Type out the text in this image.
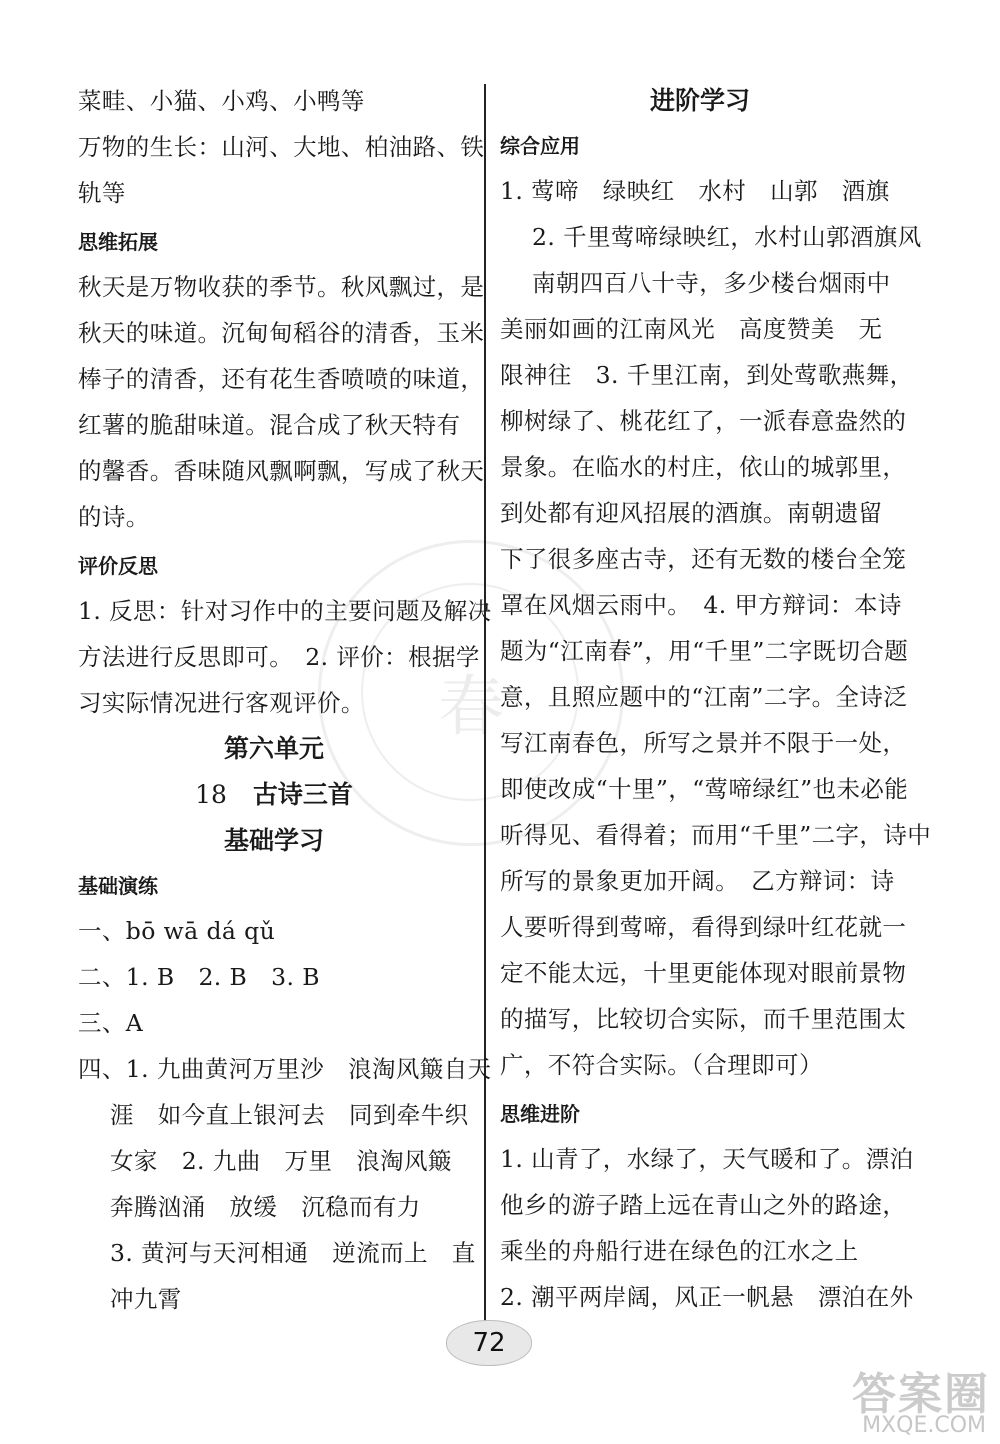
春
菜畦、小猫、小鸡、小鸭等
万物的生长：山河、大地、柏油路、铁
轨等
思维拓展
秋天是万物收获的季节。秋风飘过，是
秋天的味道。沉甸甸稻谷的清香，玉米
棒子的清香，还有花生香喷喷的味道，
红薯的脆甜味道。混合成了秋天特有
的馨香。香味随风飘啊飘，写成了秋天
的诗。
评价反思
1. 反思：针对习作中的主要问题及解决
方法进行反思即可。　2. 评价：根据学
习实际情况进行客观评价。
第六单元
18 古诗三首
基础学习
基础演练
一、bō wā dá qǔ
二、1. B　2. B　3. B
三、A
四、1. 九曲黄河万里沙　浪淘风簸自天
涯　如今直上银河去　同到牵牛织
女家　2. 九曲　万里　浪淘风簸
奔腾汹涌　放缓　沉稳而有力
3. 黄河与天河相通　逆流而上　直
冲九霄
进阶学习
综合应用
1. 莺啼　绿映红　水村　山郭　酒旗
2. 千里莺啼绿映红，水村山郭酒旗风
南朝四百八十寺，多少楼台烟雨中
美丽如画的江南风光　高度赞美　无
限神往　3. 千里江南，到处莺歌燕舞，
柳树绿了、桃花红了，一派春意盎然的
景象。在临水的村庄，依山的城郭里，
到处都有迎风招展的酒旗。南朝遗留
下了很多座古寺，还有无数的楼台全笼
罩在风烟云雨中。　4. 甲方辩词：本诗
题为“江南春”，用“千里”二字既切合题
意，且照应题中的“江南”二字。全诗泛
写江南春色，所写之景并不限于一处，
即使改成“十里”，“莺啼绿红”也未必能
听得见、看得着；而用“千里”二字，诗中
所写的景象更加开阔。　乙方辩词：诗
人要听得到莺啼，看得到绿叶红花就一
定不能太远，十里更能体现对眼前景物
的描写，比较切合实际，而千里范围太
广，不符合实际。（合理即可）
思维进阶
1. 山青了，水绿了，天气暖和了。漂泊
他乡的游子踏上远在青山之外的路途，
乘坐的舟船行进在绿色的江水之上
2. 潮平两岸阔，风正一帆悬　漂泊在外
72
答案圈
MXQE.COM
